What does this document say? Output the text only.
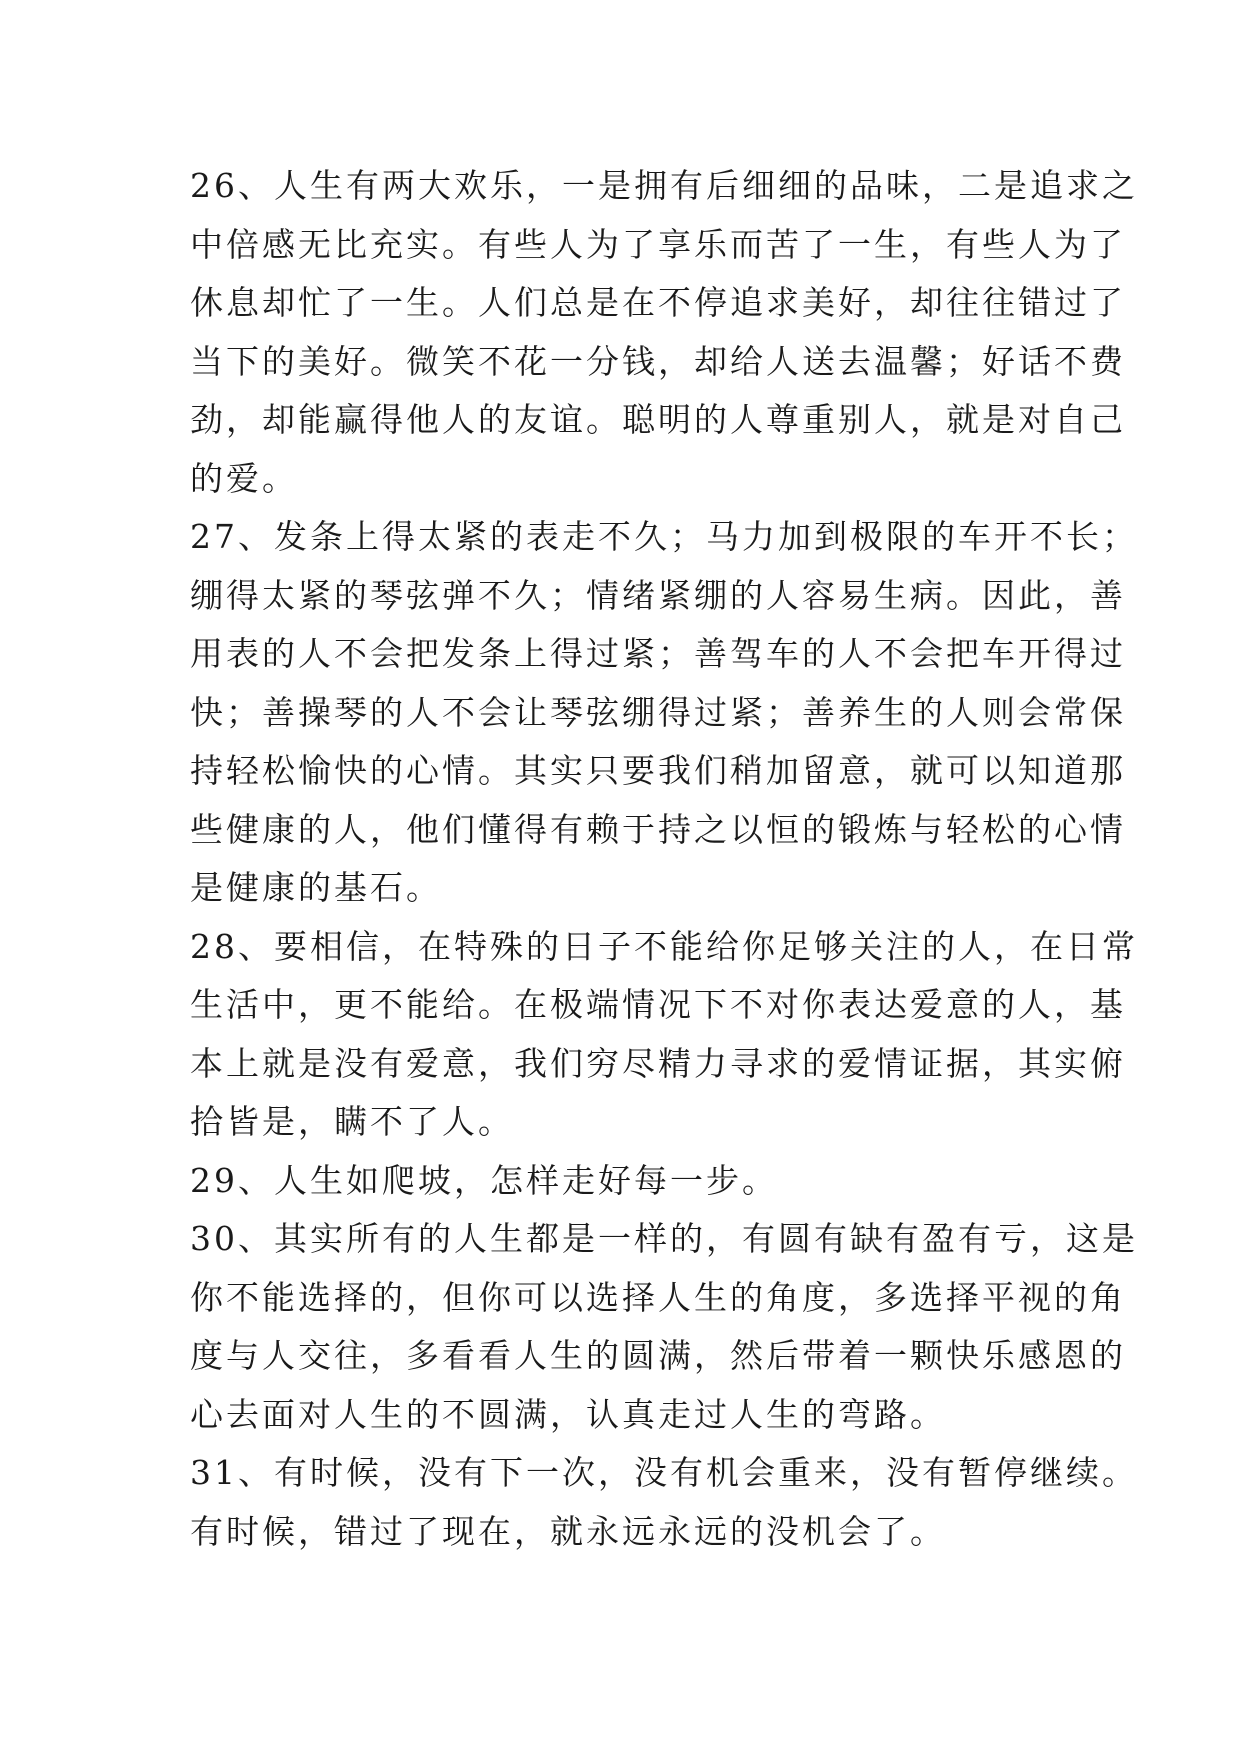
26、人生有两大欢乐，一是拥有后细细的品味，二是追求之
中倍感无比充实。有些人为了享乐而苦了一生，有些人为了
休息却忙了一生。人们总是在不停追求美好，却往往错过了
当下的美好。微笑不花一分钱，却给人送去温馨；好话不费
劲，却能赢得他人的友谊。聪明的人尊重别人，就是对自己
的爱。
27、发条上得太紧的表走不久；马力加到极限的车开不长；
绷得太紧的琴弦弹不久；情绪紧绷的人容易生病。因此，善
用表的人不会把发条上得过紧；善驾车的人不会把车开得过
快；善操琴的人不会让琴弦绷得过紧；善养生的人则会常保
持轻松愉快的心情。其实只要我们稍加留意，就可以知道那
些健康的人，他们懂得有赖于持之以恒的锻炼与轻松的心情
是健康的基石。
28、要相信，在特殊的日子不能给你足够关注的人，在日常
生活中，更不能给。在极端情况下不对你表达爱意的人，基
本上就是没有爱意，我们穷尽精力寻求的爱情证据，其实俯
拾皆是，瞒不了人。
29、人生如爬坡，怎样走好每一步。
30、其实所有的人生都是一样的，有圆有缺有盈有亏，这是
你不能选择的，但你可以选择人生的角度，多选择平视的角
度与人交往，多看看人生的圆满，然后带着一颗快乐感恩的
心去面对人生的不圆满，认真走过人生的弯路。
31、有时候，没有下一次，没有机会重来，没有暂停继续。
有时候，错过了现在，就永远永远的没机会了。
